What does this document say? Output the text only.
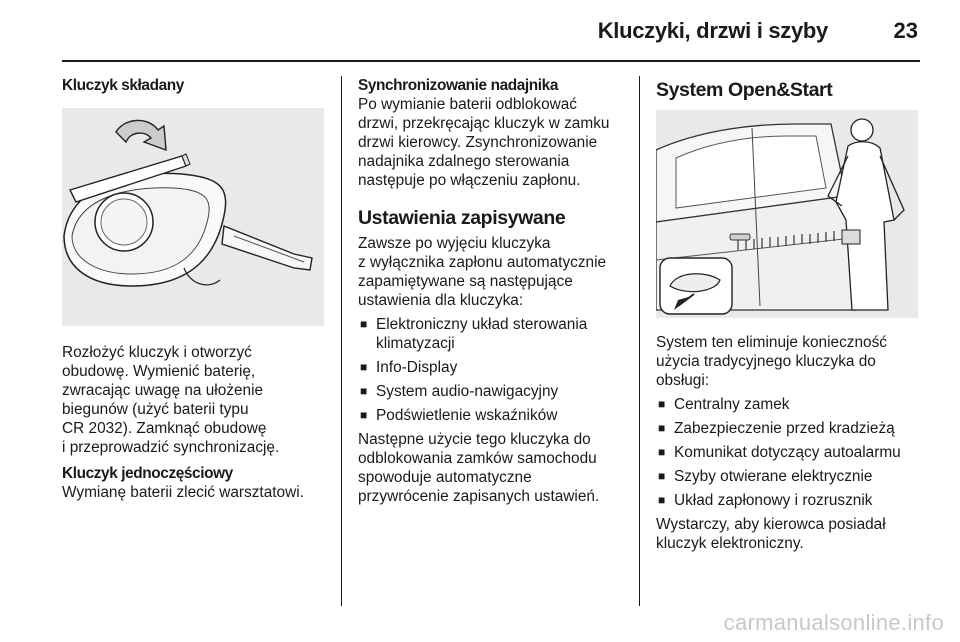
Kluczyki, drzwi i szyby	23

Kluczyk składany

Rozłożyć kluczyk i otworzyć
obudowę. Wymienić baterię,
zwracając uwagę na ułożenie
biegunów (użyć baterii typu
CR 2032). Zamknąć obudowę
i przeprowadzić synchronizację.

Kluczyk jednoczęściowy

Wymianę baterii zlecić warsztatowi.

Synchronizowanie nadajnika

Po wymianie baterii odblokować
drzwi, przekręcając kluczyk w zamku
drzwi kierowcy. Zsynchronizowanie
nadajnika zdalnego sterowania
następuje po włączeniu zapłonu.

Ustawienia zapisywane

Zawsze po wyjęciu kluczyka
z wyłącznika zapłonu automatycznie
zapamiętywane są następujące
ustawienia dla kluczyka:
■ Elektroniczny układ sterowania
klimatyzacji
■ Info-Display
■ System audio-nawigacyjny
■ Podświetlenie wskaźników
Następne użycie tego kluczyka do
odblokowania zamków samochodu
spowoduje automatyczne
przywrócenie zapisanych ustawień.

System Open&Start

System ten eliminuje konieczność
użycia tradycyjnego kluczyka do
obsługi:
■ Centralny zamek
■ Zabezpieczenie przed kradzieżą
■ Komunikat dotyczący autoalarmu
■ Szyby otwierane elektrycznie
■ Układ zapłonowy i rozrusznik
Wystarczy, aby kierowca posiadał
kluczyk elektroniczny.
carmanualsonline.info
